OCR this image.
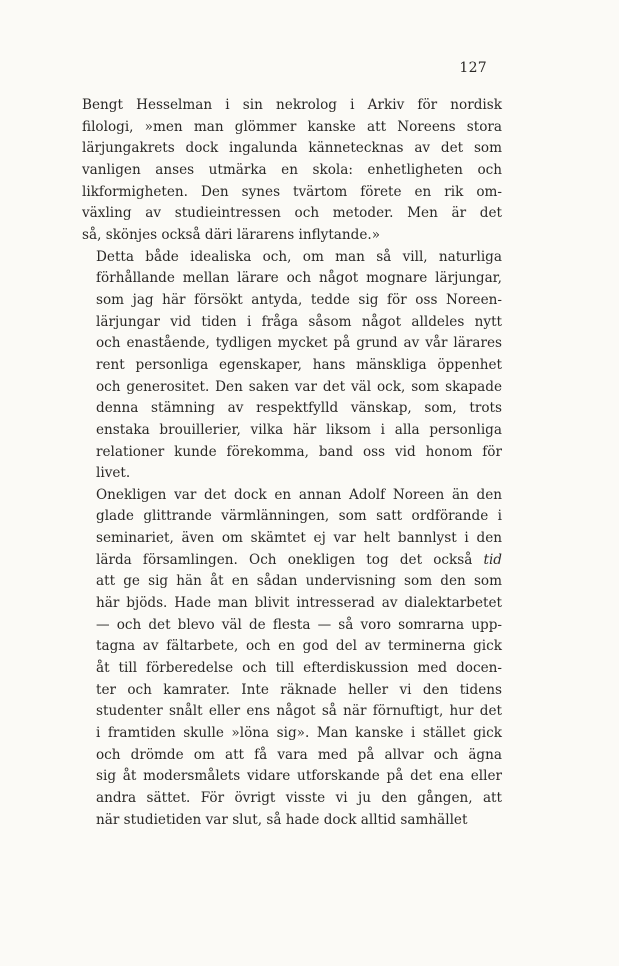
127

Bengt Hesselman i sin nekrolog i Arkiv för nordisk
filologi, »men man glömmer kanske att Noreens stora
lärjungakrets dock ingalunda kännetecknas av det som
vanligen anses utmärka en skola: enhetligheten och
likformigheten. Den synes tvärtom förete en rik om-
växling av studieintressen och metoder. Men är det
så, skönjes också däri lärarens inflytande.»

Detta både idealiska och, om man så vill, naturliga
förhållande mellan lärare och något mognare lärjungar,
som jag här försökt antyda, tedde sig för oss Noreen-
lärjungar vid tiden i fråga såsom något alldeles nytt
och enastående, tydligen mycket på grund av vår lärares
rent personliga egenskaper, hans mänskliga öppenhet
och generositet. Den saken var det väl ock, som skapade
denna stämning av respektfylld vänskap, som, trots
enstaka brouillerier, vilka här liksom i alla personliga
relationer kunde förekomma, band oss vid honom för
livet.

Onekligen var det dock en annan Adolf Noreen än den
glade glittrande värmlänningen, som satt ordförande i
seminariet, även om skämtet ej var helt bannlyst i den
lärda församlingen. Och onekligen tog det också tid
att ge sig hän åt en sådan undervisning som den som
här bjöds. Hade man blivit intresserad av dialektarbetet
— och det blevo väl de flesta — så voro somrarna upp-
tagna av fältarbete, och en god del av terminerna gick
åt till förberedelse och till efterdiskussion med docen-
ter och kamrater. Inte räknade heller vi den tidens
studenter snålt eller ens något så när förnuftigt, hur det
i framtiden skulle »löna sig». Man kanske i stället gick
och drömde om att få vara med på allvar och ägna
sig åt modersmålets vidare utforskande på det ena eller
andra sättet. För övrigt visste vi ju den gången, att
när studietiden var slut, så hade dock alltid samhället
